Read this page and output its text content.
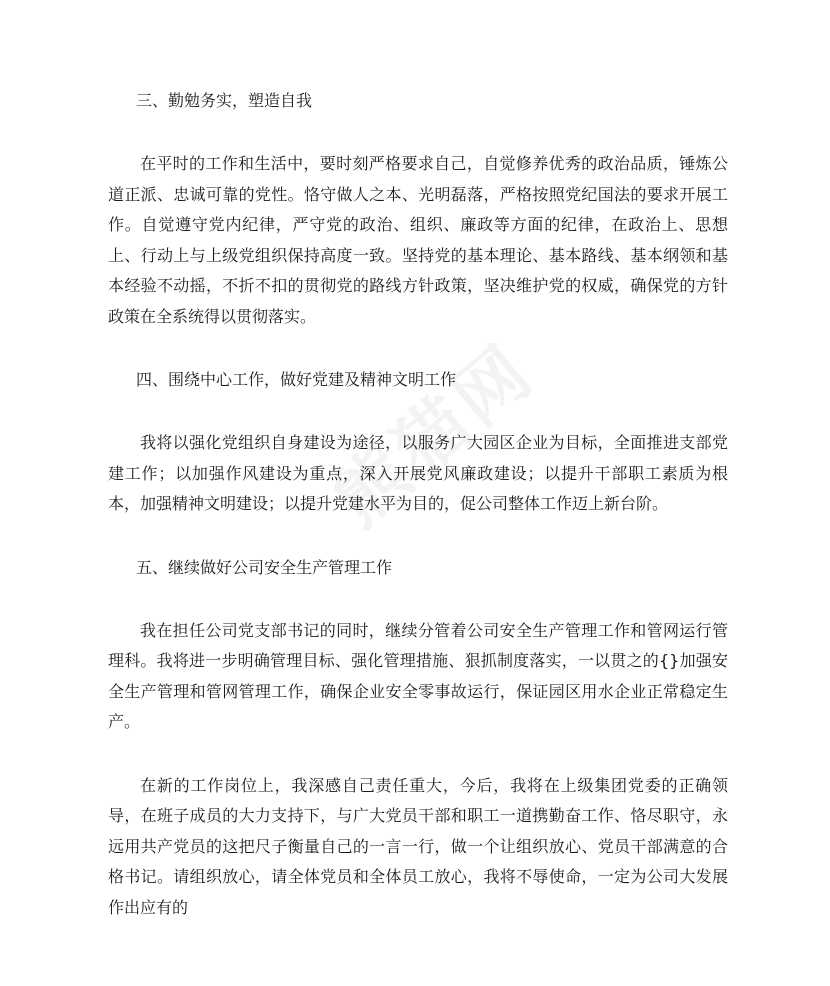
三、勤勉务实，塑造自我

在平时的工作和生活中，要时刻严格要求自己，自觉修养优秀的政治品质，锤炼公道正派、忠诚可靠的党性。恪守做人之本、光明磊落，严格按照党纪国法的要求开展工作。自觉遵守党内纪律，严守党的政治、组织、廉政等方面的纪律，在政治上、思想上、行动上与上级党组织保持高度一致。坚持党的基本理论、基本路线、基本纲领和基本经验不动摇，不折不扣的贯彻党的路线方针政策，坚决维护党的权威，确保党的方针政策在全系统得以贯彻落实。

四、围绕中心工作，做好党建及精神文明工作

我将以强化党组织自身建设为途径，以服务广大园区企业为目标，全面推进支部党建工作；以加强作风建设为重点，深入开展党风廉政建设；以提升干部职工素质为根本，加强精神文明建设；以提升党建水平为目的，促公司整体工作迈上新台阶。

五、继续做好公司安全生产管理工作

我在担任公司党支部书记的同时，继续分管着公司安全生产管理工作和管网运行管理科。我将进一步明确管理目标、强化管理措施、狠抓制度落实，一以贯之的{}加强安全生产管理和管网管理工作，确保企业安全零事故运行，保证园区用水企业正常稳定生产。

在新的工作岗位上，我深感自己责任重大，今后，我将在上级集团党委的正确领导，在班子成员的大力支持下，与广大党员干部和职工一道携勤奋工作、恪尽职守，永远用共产党员的这把尺子衡量自己的一言一行，做一个让组织放心、党员干部满意的合格书记。请组织放心，请全体党员和全体员工放心，我将不辱使命，一定为公司大发展作出应有的
